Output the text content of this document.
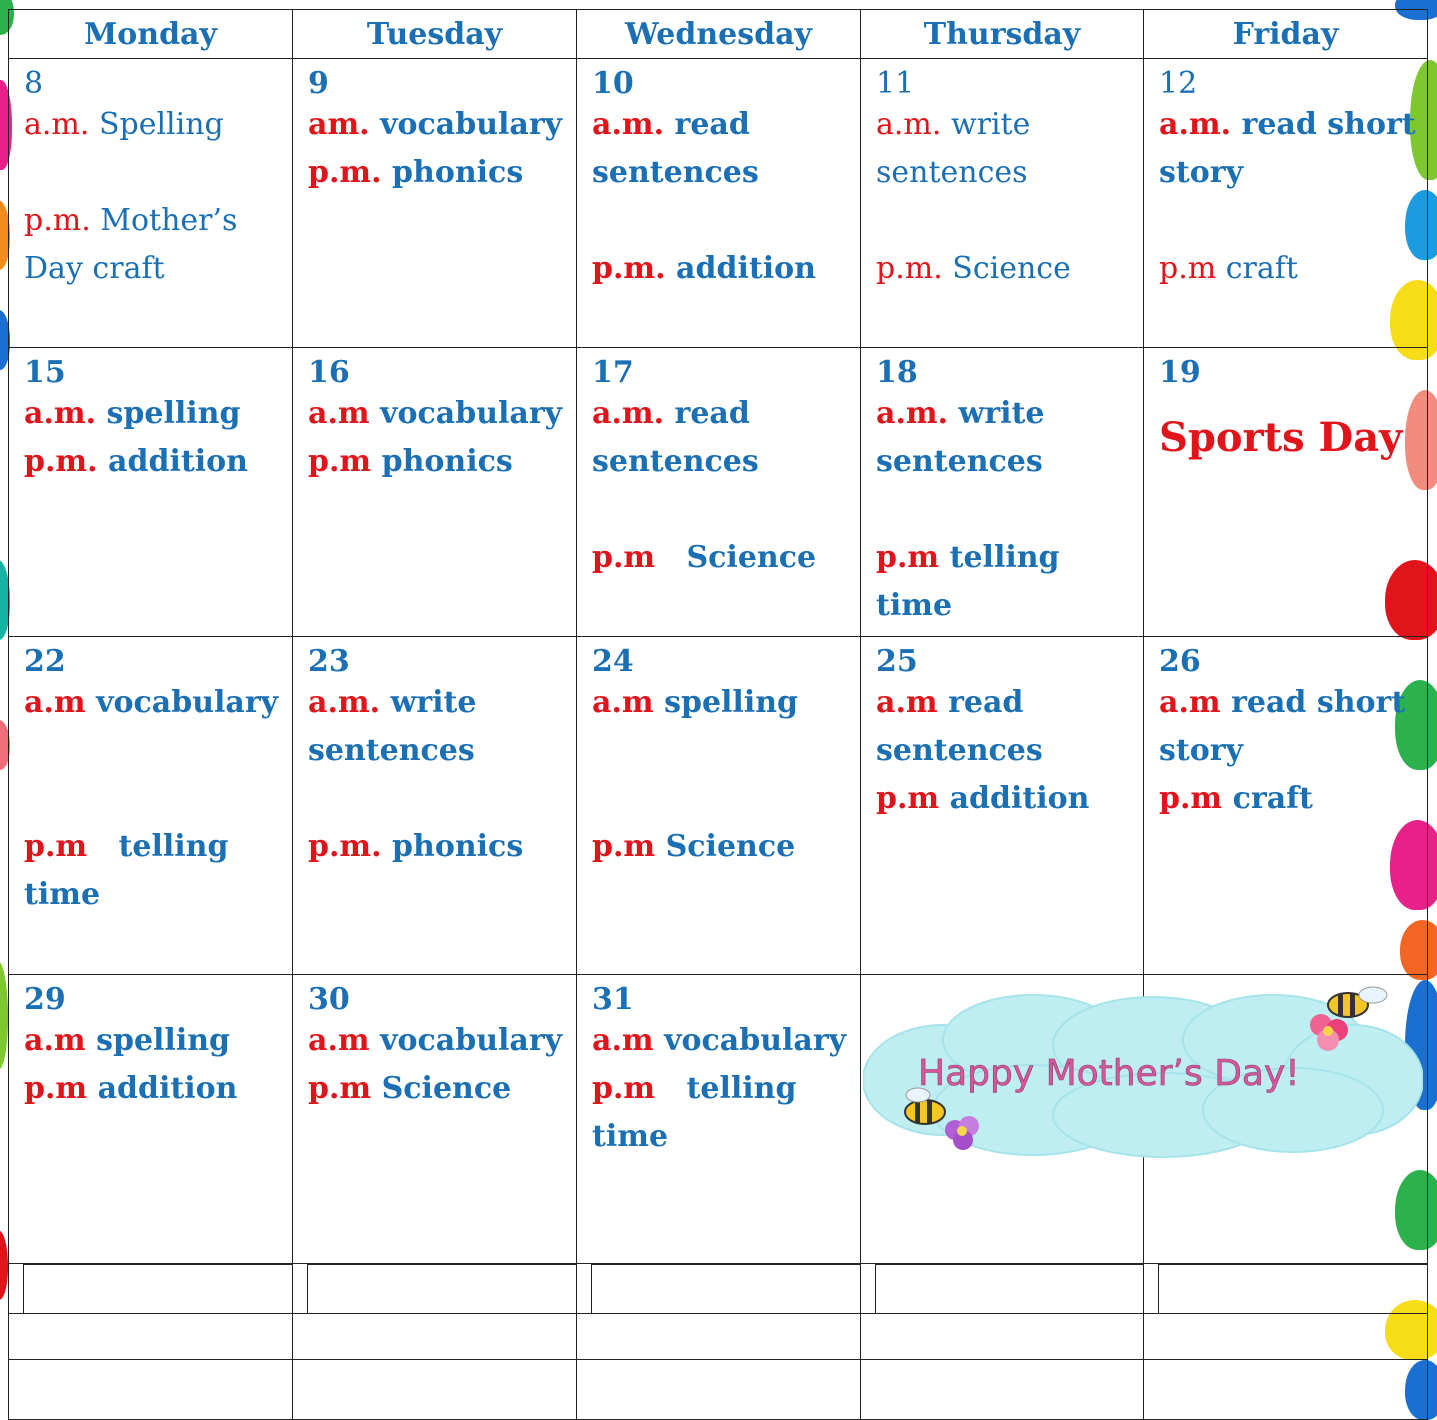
Monday	Tuesday	Wednesday	Thursday	Friday

8
a.m. Spelling
p.m. Mother’s Day craft	9
am. vocabulary
p.m. phonics	10
a.m. read sentences
p.m. addition	11
a.m. write sentences
p.m. Science	12
a.m. read short story
p.m craft

15
a.m. spelling
p.m. addition	16
a.m vocabulary
p.m phonics	17
a.m. read sentences
p.m   Science	18
a.m. write sentences
p.m telling time	19
Sports Day

22
a.m vocabulary
p.m   telling time	23
a.m. write sentences
p.m. phonics	24
a.m spelling
p.m Science	25
a.m read sentences
p.m addition	26
a.m read short story
p.m craft

29
a.m spelling
p.m addition	30
a.m vocabulary
p.m Science	31
a.m vocabulary
p.m   telling time		

Happy Mother’s Day!
